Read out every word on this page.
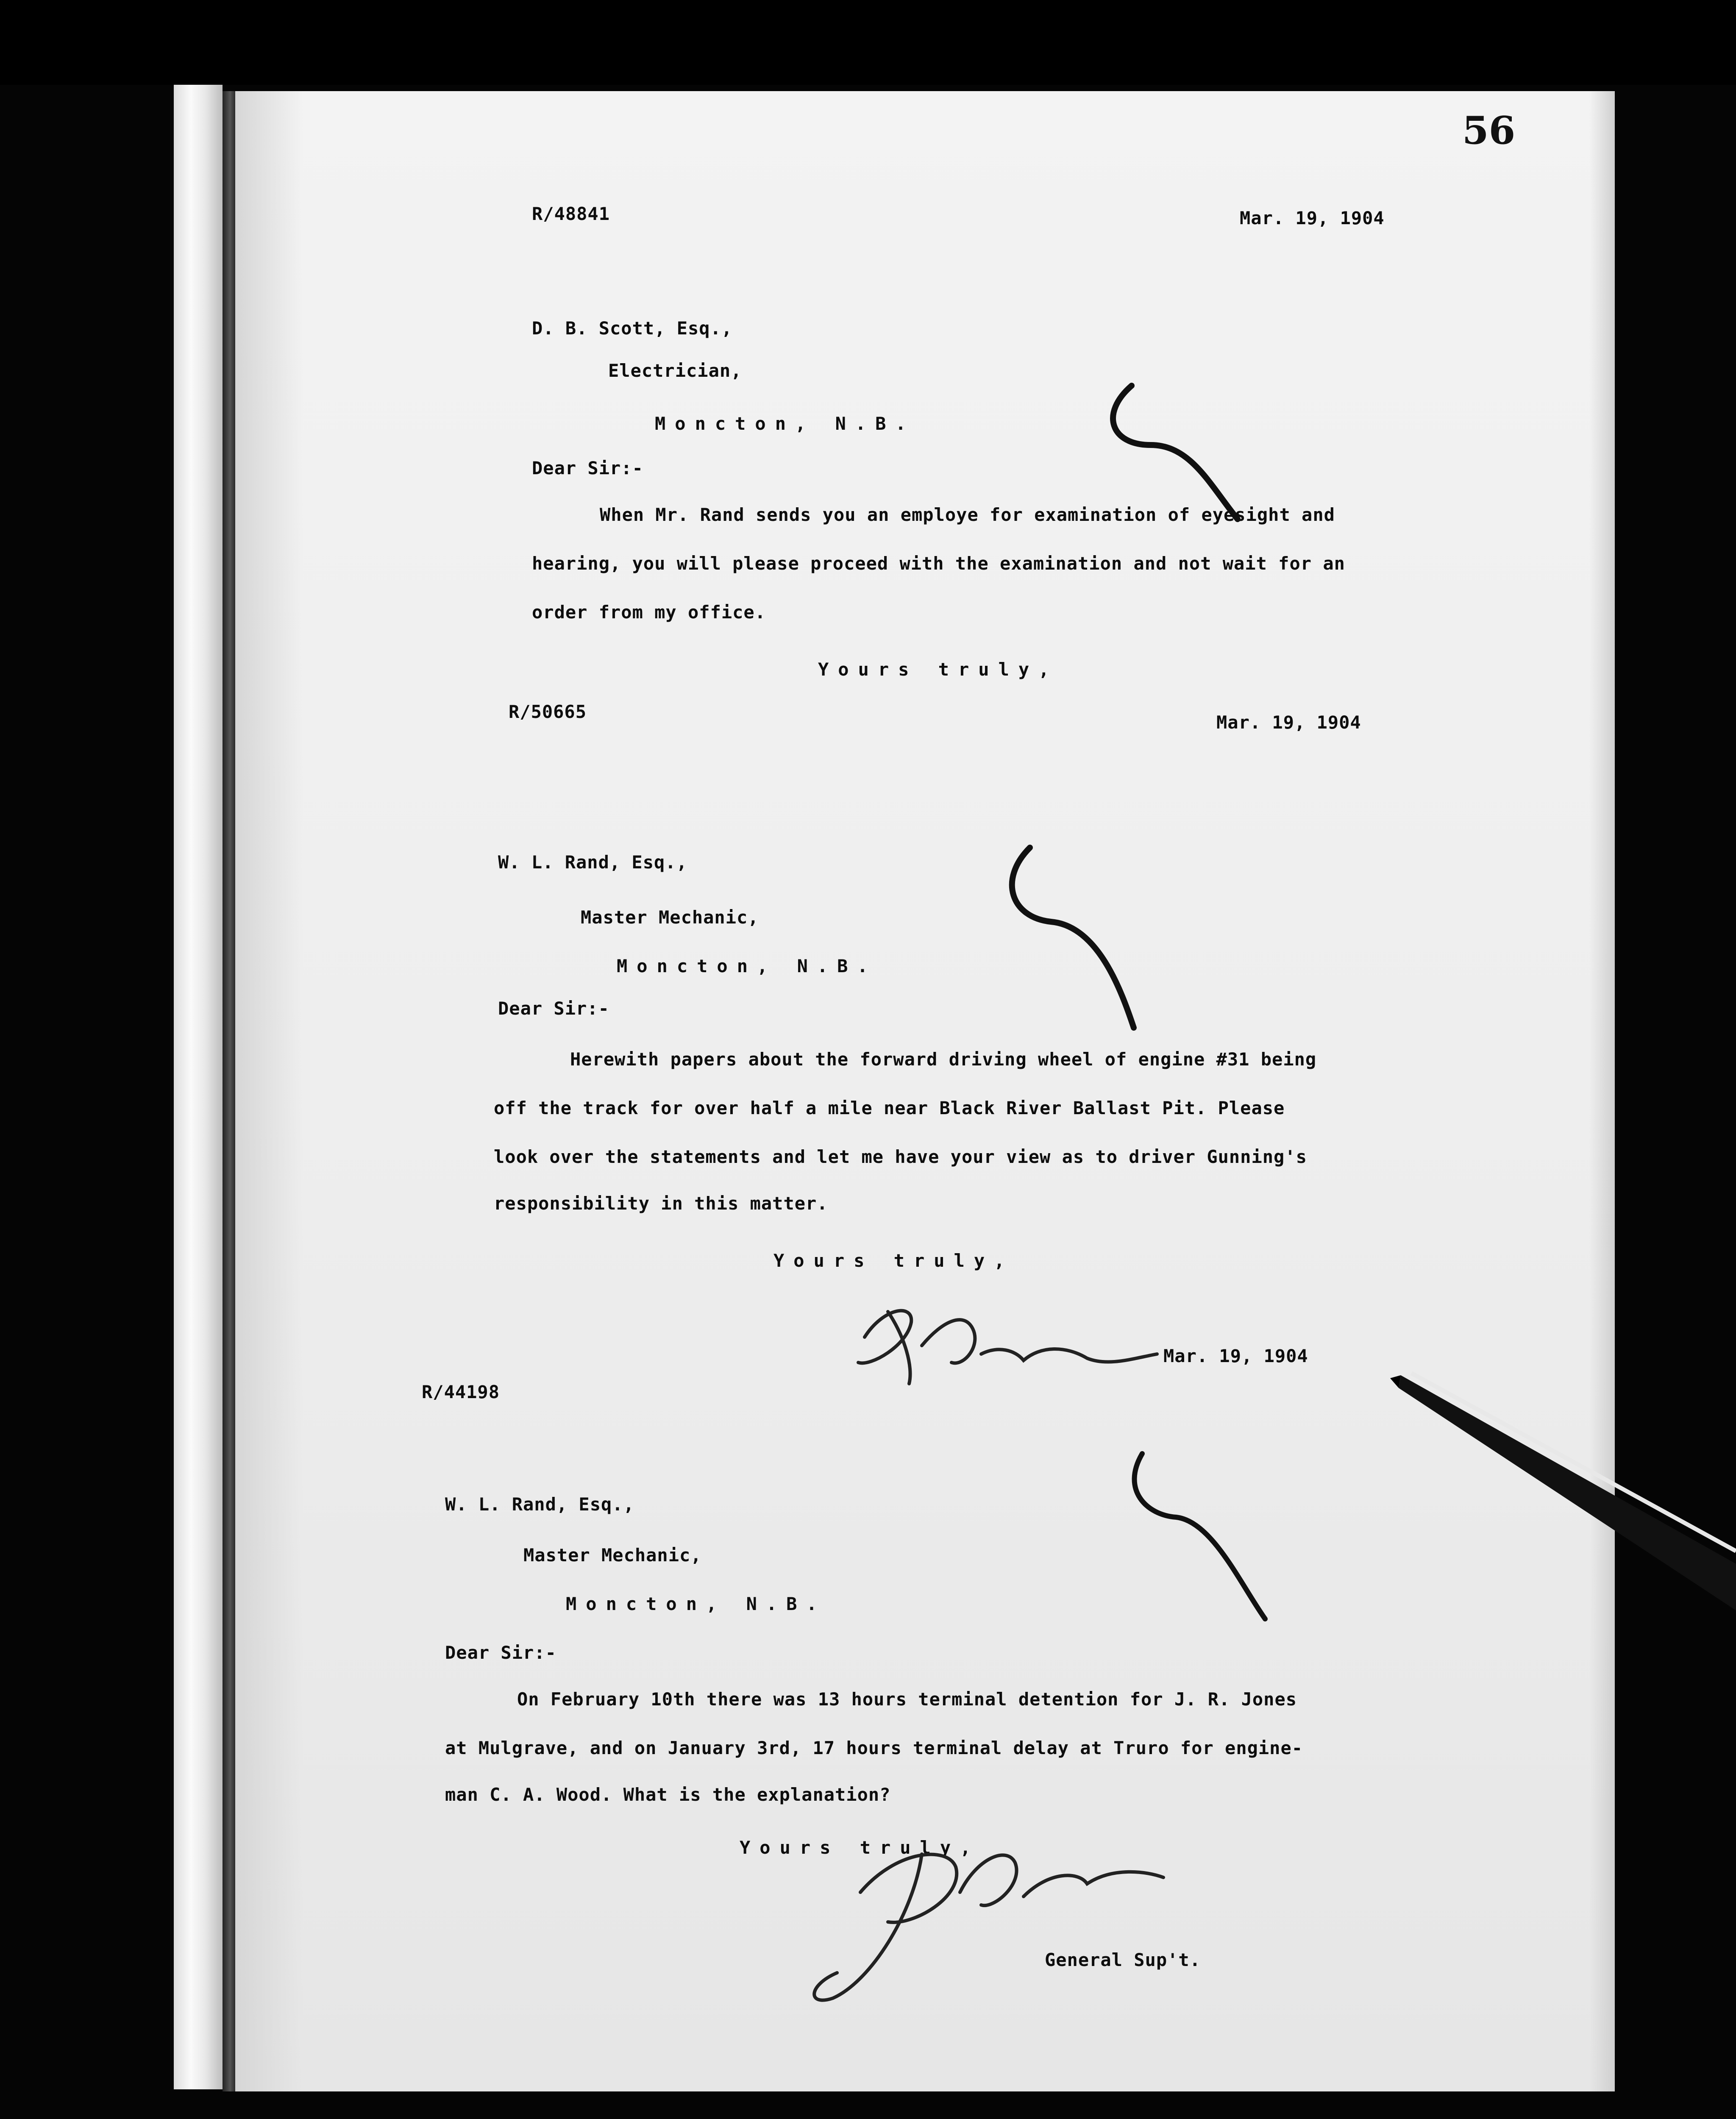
56
R/48841	Mar. 19, 1904
D. B. Scott, Esq.,
Electrician,
Moncton, N.B.
Dear Sir:-
When Mr. Rand sends you an employe for examination of eyesight and
hearing, you will please proceed with the examination and not wait for an
order from my office.
Yours truly,
R/50665
Mar. 19, 1904
W. L. Rand, Esq.,
Master Mechanic,
Moncton, N.B.
Dear Sir:-
Herewith papers about the forward driving wheel of engine #31 being
off the track for over half a mile near Black River Ballast Pit. Please
look over the statements and let me have your view as to driver Gunning's
responsibility in this matter.
Yours truly,
Mar. 19, 1904
R/44198
W. L. Rand, Esq.,
Master Mechanic,
Moncton, N.B.
Dear Sir:-
On February 10th there was 13 hours terminal detention for J. R. Jones
at Mulgrave, and on January 3rd, 17 hours terminal delay at Truro for engine-
man C. A. Wood. What is the explanation?
Yours truly,
General Sup't.
